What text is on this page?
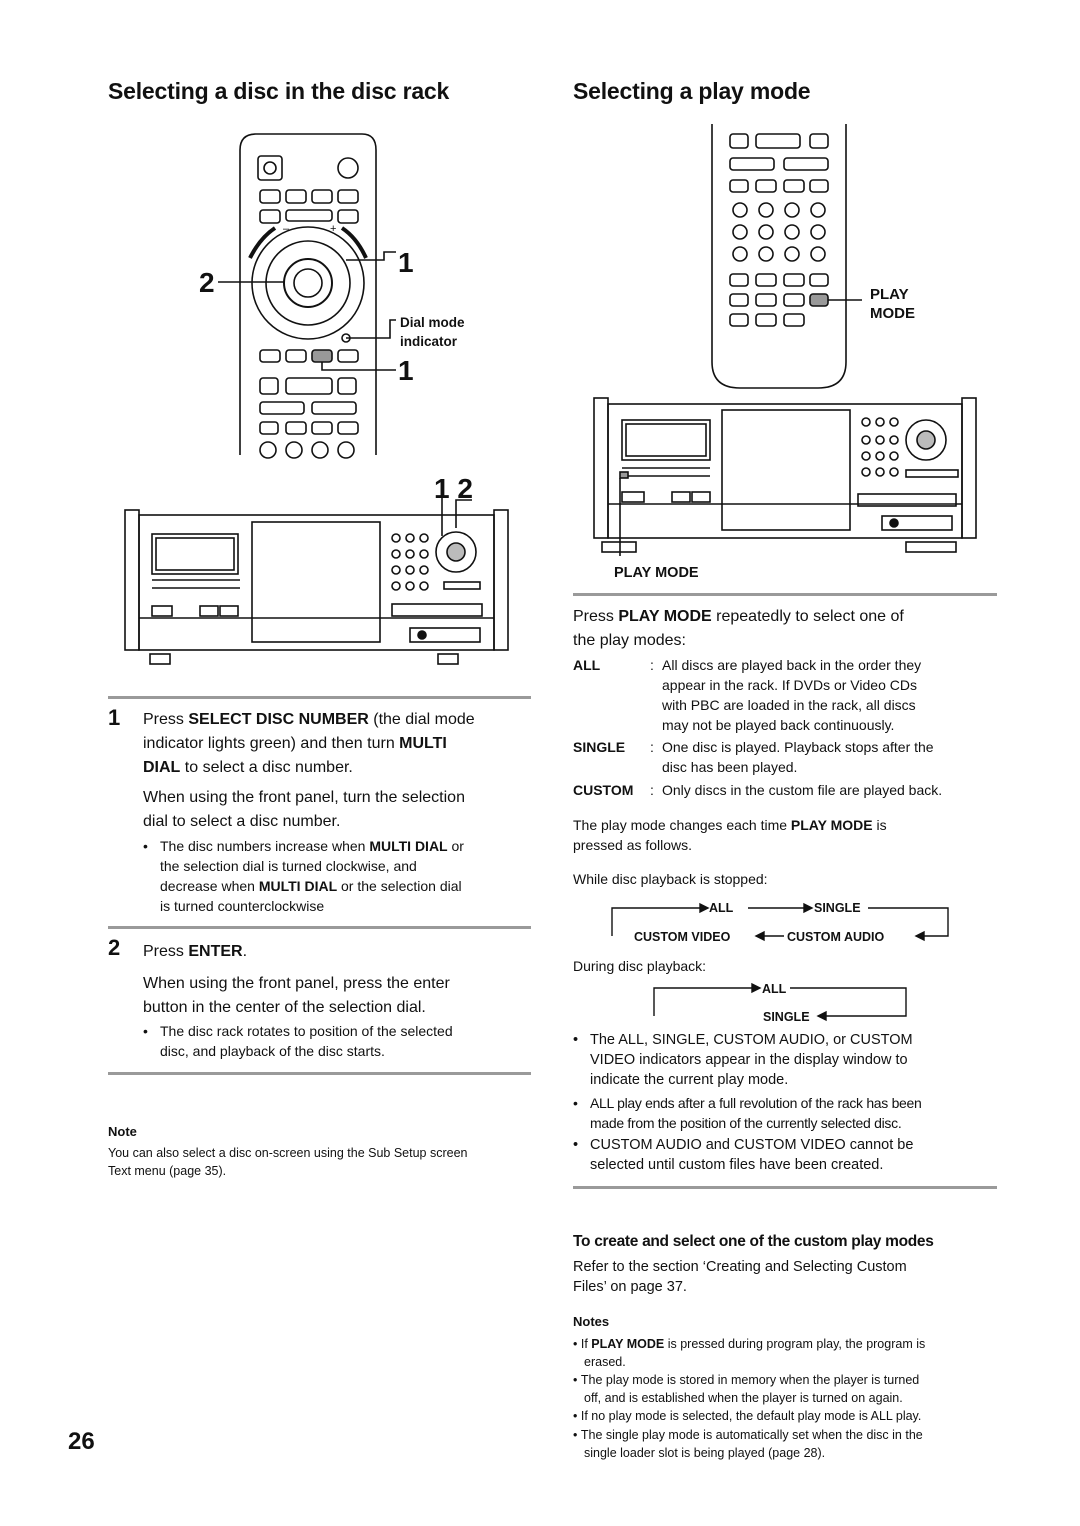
Selecting a disc in the disc rack
–	+
2
1
1
1 2
Dial mode
indicator
1 Press SELECT DISC NUMBER (the dial mode
indicator lights green) and then turn MULTI
DIAL to select a disc number.
When using the front panel, turn the selection
dial to select a disc number.
• The disc numbers increase when MULTI DIAL or
the selection dial is turned clockwise, and
decrease when MULTI DIAL or the selection dial
is turned counterclockwise
2 Press ENTER.
When using the front panel, press the enter
button in the center of the selection dial.
• The disc rack rotates to position of the selected
disc, and playback of the disc starts.
Note
You can also select a disc on-screen using the Sub Setup screen
Text menu (page 35).
26
Selecting a play mode
PLAY
MODE
PLAY MODE
Press PLAY MODE repeatedly to select one of
the play modes:
ALL	: All discs are played back in the order they
appear in the rack. If DVDs or Video CDs
with PBC are loaded in the rack, all discs
may not be played back continuously.
SINGLE : One disc is played. Playback stops after the
disc has been played.
CUSTOM : Only discs in the custom file are played back.
The play mode changes each time PLAY MODE is
pressed as follows.
While disc playback is stopped:
ALL	SINGLE
CUSTOM VIDEO	CUSTOM AUDIO
During disc playback:
ALL
SINGLE
• The ALL, SINGLE, CUSTOM AUDIO, or CUSTOM
VIDEO indicators appear in the display window to
indicate the current play mode.
• ALL play ends after a full revolution of the rack has been
made from the position of the currently selected disc.
• CUSTOM AUDIO and CUSTOM VIDEO cannot be
selected until custom files have been created.
To create and select one of the custom play modes
Refer to the section ‘Creating and Selecting Custom
Files’ on page 37.
Notes
• If PLAY MODE is pressed during program play, the program is
erased.
• The play mode is stored in memory when the player is turned
off, and is established when the player is turned on again.
• If no play mode is selected, the default play mode is ALL play.
• The single play mode is automatically set when the disc in the
single loader slot is being played (page 28).
